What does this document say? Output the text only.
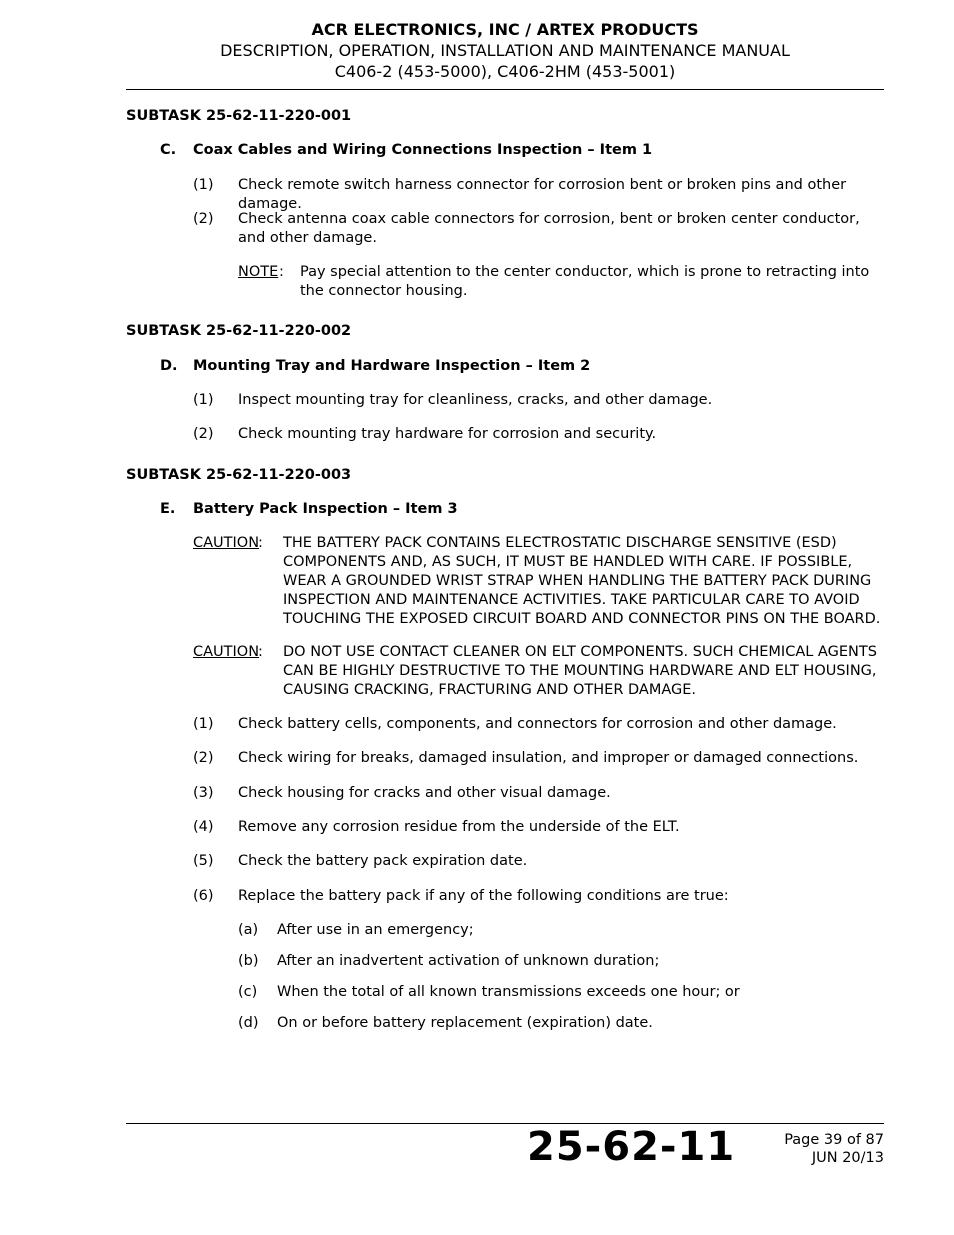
ACR ELECTRONICS, INC / ARTEX PRODUCTS
DESCRIPTION, OPERATION, INSTALLATION AND MAINTENANCE MANUAL
C406-2 (453-5000), C406-2HM (453-5001)
SUBTASK 25-62-11-220-001
C. Coax Cables and Wiring Connections Inspection – Item 1
(1) Check remote switch harness connector for corrosion bent or broken pins and other damage.
(2) Check antenna coax cable connectors for corrosion, bent or broken center conductor, and other damage.
NOTE : Pay special attention to the center conductor, which is prone to retracting into the connector housing.
SUBTASK 25-62-11-220-002
D. Mounting Tray and Hardware Inspection – Item 2
(1) Inspect mounting tray for cleanliness, cracks, and other damage.
(2) Check mounting tray hardware for corrosion and security.
SUBTASK 25-62-11-220-003
E. Battery Pack Inspection – Item 3
CAUTION
: THE BATTERY PACK CONTAINS ELECTROSTATIC DISCHARGE SENSITIVE (ESD) COMPONENTS AND, AS SUCH, IT MUST BE HANDLED WITH CARE. IF POSSIBLE, WEAR A GROUNDED WRIST STRAP WHEN HANDLING THE BATTERY PACK DURING INSPECTION AND MAINTENANCE ACTIVITIES. TAKE PARTICULAR CARE TO AVOID TOUCHING THE EXPOSED CIRCUIT BOARD AND CONNECTOR PINS ON THE BOARD.
CAUTION
: DO NOT USE CONTACT CLEANER ON ELT COMPONENTS. SUCH CHEMICAL AGENTS CAN BE HIGHLY DESTRUCTIVE TO THE MOUNTING HARDWARE AND ELT HOUSING, CAUSING CRACKING, FRACTURING AND OTHER DAMAGE.
(1) Check battery cells, components, and connectors for corrosion and other damage.
(2) Check wiring for breaks, damaged insulation, and improper or damaged connections.
(3) Check housing for cracks and other visual damage.
(4) Remove any corrosion residue from the underside of the ELT.
(5) Check the battery pack expiration date.
(6) Replace the battery pack if any of the following conditions are true:
(a) After use in an emergency;
(b) After an inadvertent activation of unknown duration;
(c) When the total of all known transmissions exceeds one hour; or
(d) On or before battery replacement (expiration) date.
25-62-11	Page 39 of 87
JUN 20/13
